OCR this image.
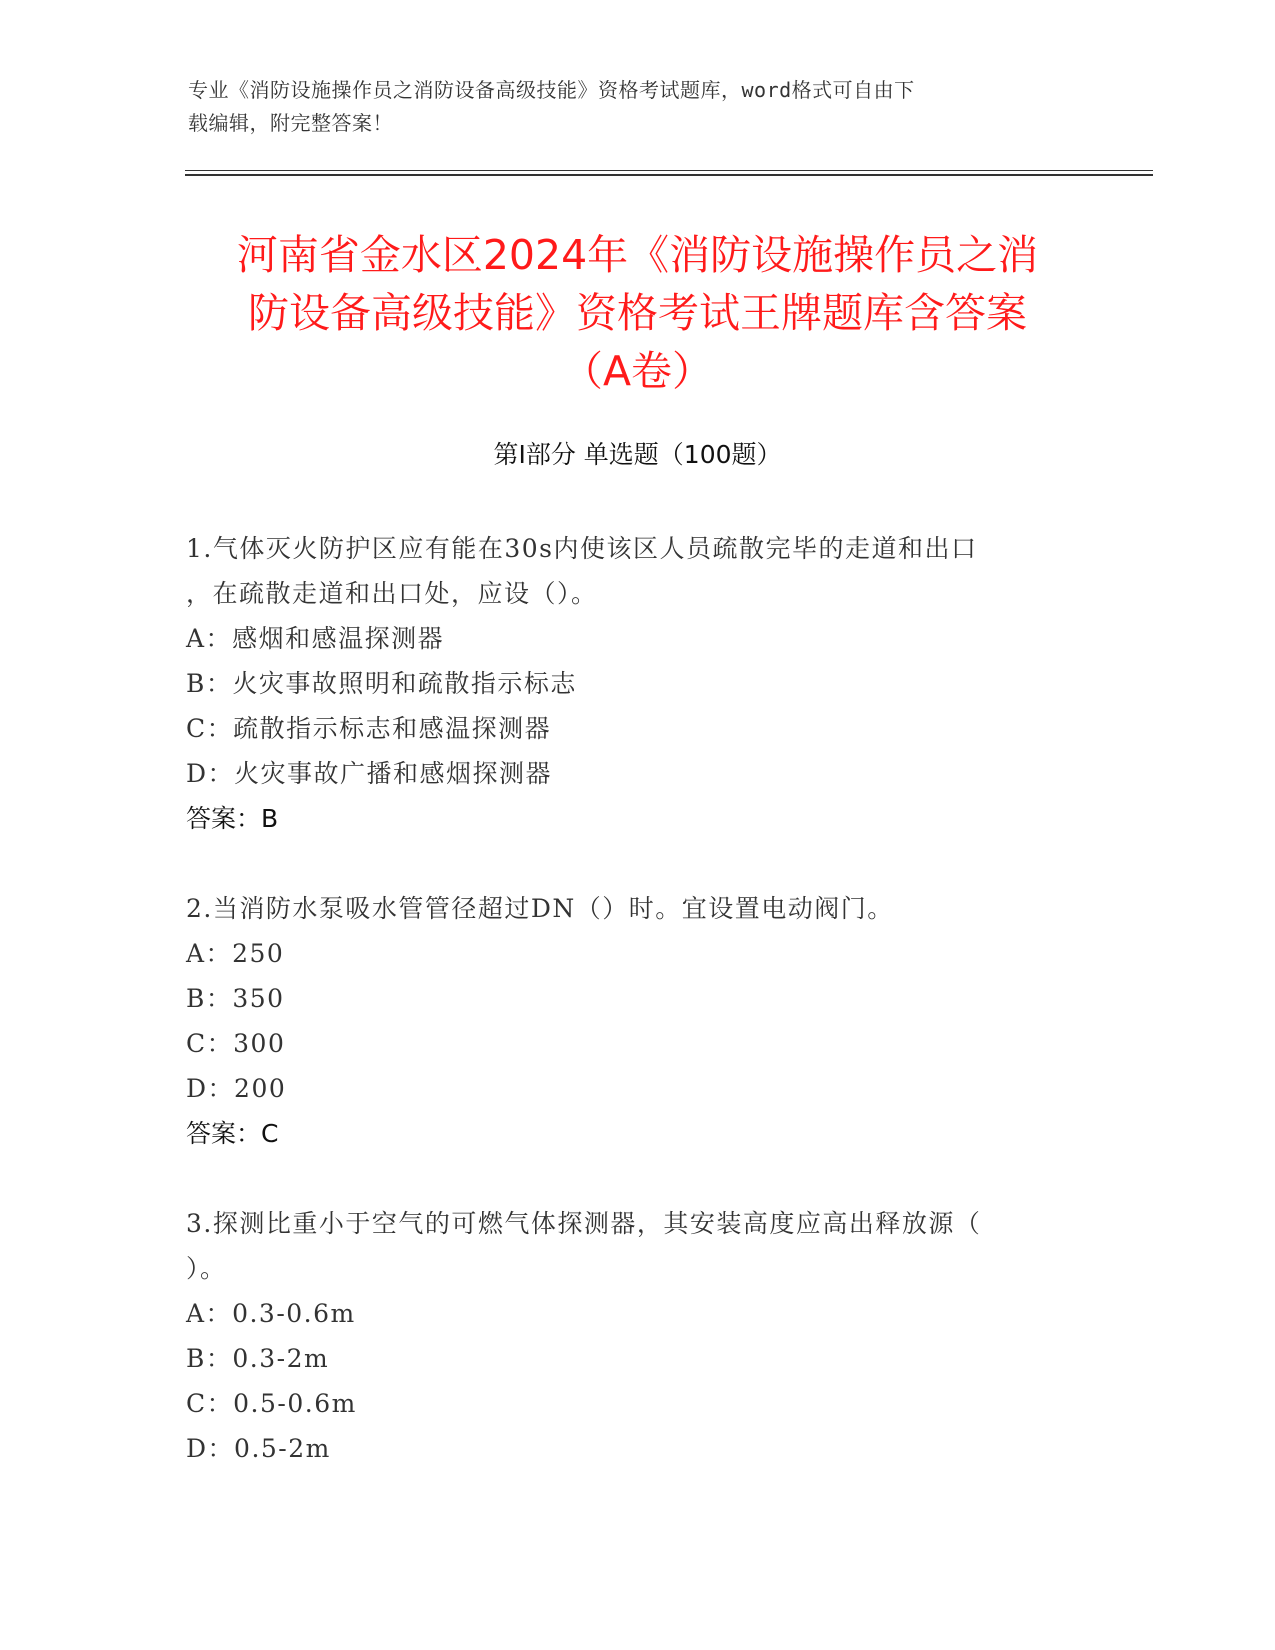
专业《消防设施操作员之消防设备高级技能》资格考试题库，word格式可自由下
载编辑，附完整答案！
河南省金水区2024年《消防设施操作员之消
防设备高级技能》资格考试王牌题库含答案
（A卷）
第Ⅰ部分 单选题（100题）

1.气体灭火防护区应有能在30s内使该区人员疏散完毕的走道和出口

，在疏散走道和出口处，应设（）。

A：感烟和感温探测器

B：火灾事故照明和疏散指示标志

C：疏散指示标志和感温探测器

D：火灾事故广播和感烟探测器

答案：B

2.当消防水泵吸水管管径超过DN（）时。宜设置电动阀门。

A：250

B：350

C：300

D：200

答案：C

3.探测比重小于空气的可燃气体探测器，其安装高度应高出释放源（

）。

A：0.3-0.6m

B：0.3-2m

C：0.5-0.6m

D：0.5-2m
